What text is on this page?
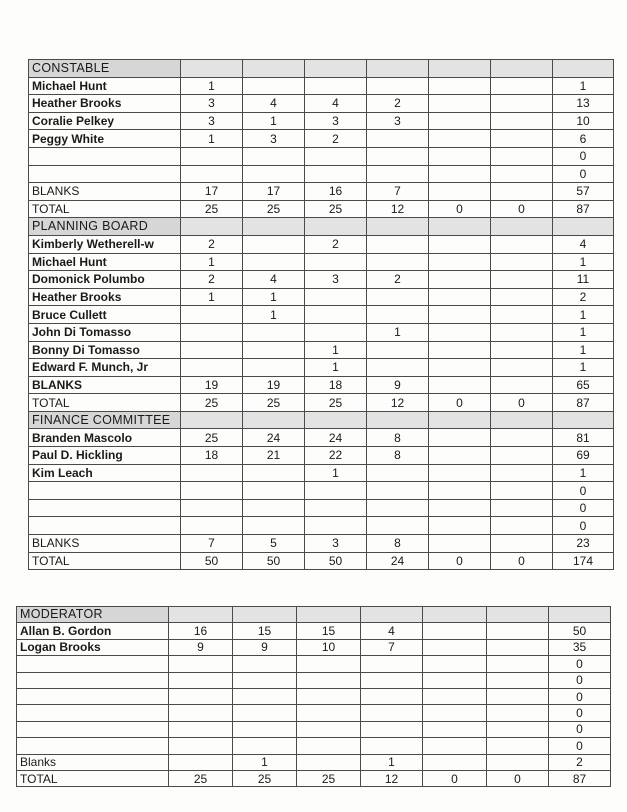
CONSTABLE							
Michael Hunt	1						1
Heather Brooks	3	4	4	2			13
Coralie Pelkey	3	1	3	3			10
Peggy White	1	3	2				6
							0
							0
BLANKS	17	17	16	7			57
TOTAL	25	25	25	12	0	0	87
PLANNING BOARD							
Kimberly Wetherell-w	2		2				4
Michael Hunt	1						1
Domonick Polumbo	2	4	3	2			11
Heather Brooks	1	1					2
Bruce Cullett		1					1
John Di Tomasso				1			1
Bonny Di Tomasso			1				1
Edward F. Munch, Jr			1				1
BLANKS	19	19	18	9			65
TOTAL	25	25	25	12	0	0	87
FINANCE COMMITTEE							
Branden Mascolo	25	24	24	8			81
Paul D. Hickling	18	21	22	8			69
Kim Leach			1				1
							0
							0
							0
BLANKS	7	5	3	8			23
TOTAL	50	50	50	24	0	0	174
MODERATOR							
Allan B. Gordon	16	15	15	4			50
Logan Brooks	9	9	10	7			35
							0
							0
							0
							0
							0
							0
Blanks		1		1			2
TOTAL	25	25	25	12	0	0	87
